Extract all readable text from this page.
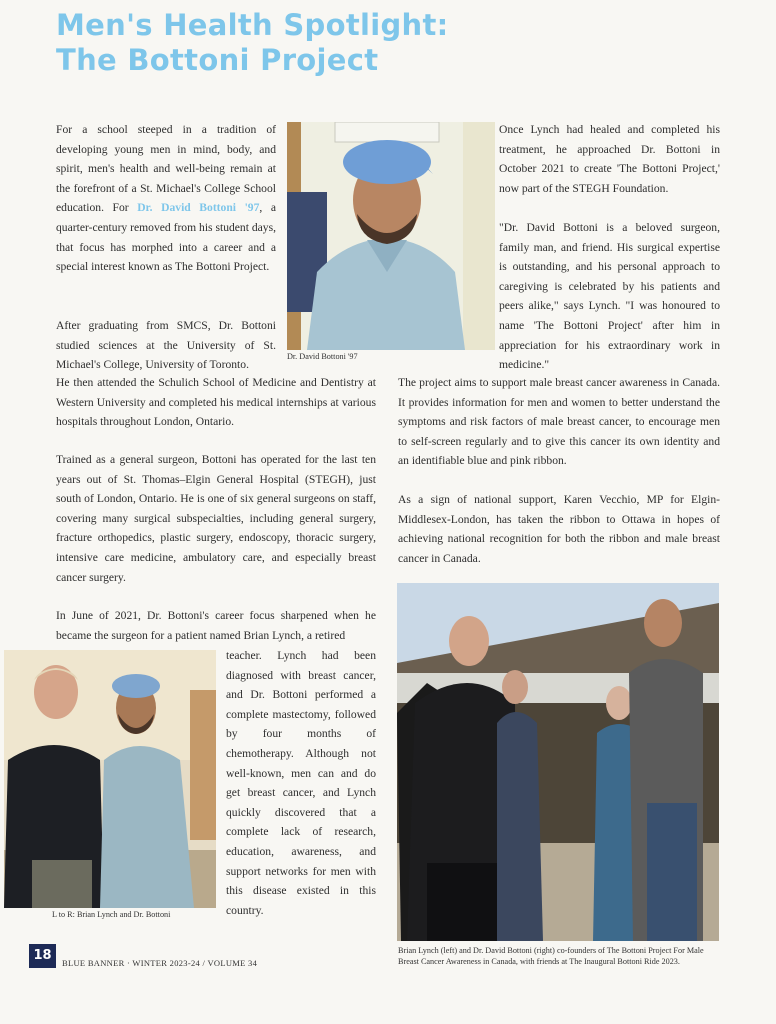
Men's Health Spotlight:
The Bottoni Project
For a school steeped in a tradition of developing young men in mind, body, and spirit, men's health and well-being remain at the forefront of a St. Michael's College School education. For Dr. David Bottoni '97, a quarter-century removed from his student days, that focus has morphed into a career and a special interest known as The Bottoni Project.
After graduating from SMCS, Dr. Bottoni studied sciences at the University of St. Michael's College, University of Toronto.
He then attended the Schulich School of Medicine and Dentistry at Western University and completed his medical internships at various hospitals throughout London, Ontario.
Trained as a general surgeon, Bottoni has operated for the last ten years out of St. Thomas–Elgin General Hospital (STEGH), just south of London, Ontario. He is one of six general surgeons on staff, covering many surgical subspecialties, including general surgery, fracture orthopedics, plastic surgery, endoscopy, thoracic surgery, intensive care medicine, ambulatory care, and especially breast cancer surgery.
In June of 2021, Dr. Bottoni's career focus sharpened when he became the surgeon for a patient named Brian Lynch, a retired
teacher. Lynch had been diagnosed with breast cancer, and Dr. Bottoni performed a complete mastectomy, followed by four months of chemotherapy. Although not well-known, men can and do get breast cancer, and Lynch quickly discovered that a complete lack of research, education, awareness, and support networks for men with this disease existed in this country.
Once Lynch had healed and completed his treatment, he approached Dr. Bottoni in October 2021 to create 'The Bottoni Project,' now part of the STEGH Foundation.
"Dr. David Bottoni is a beloved surgeon, family man, and friend. His surgical expertise is outstanding, and his personal approach to caregiving is celebrated by his patients and peers alike," says Lynch. "I was honoured to name 'The Bottoni Project' after him in appreciation for his extraordinary work in medicine."
The project aims to support male breast cancer awareness in Canada. It provides information for men and women to better understand the symptoms and risk factors of male breast cancer, to encourage men to self-screen regularly and to give this cancer its own identity and an identifiable blue and pink ribbon.
As a sign of national support, Karen Vecchio, MP for Elgin-Middlesex-London, has taken the ribbon to Ottawa in hopes of achieving national recognition for both the ribbon and male breast cancer in Canada.
Dr. David Bottoni '97
L to R: Brian Lynch and Dr. Bottoni
Brian Lynch (left) and Dr. David Bottoni (right) co-founders of The Bottoni Project For Male Breast Cancer Awareness in Canada, with friends at The Inaugural Bottoni Ride 2023.
18	BLUE BANNER · WINTER 2023-24 / VOLUME 34
